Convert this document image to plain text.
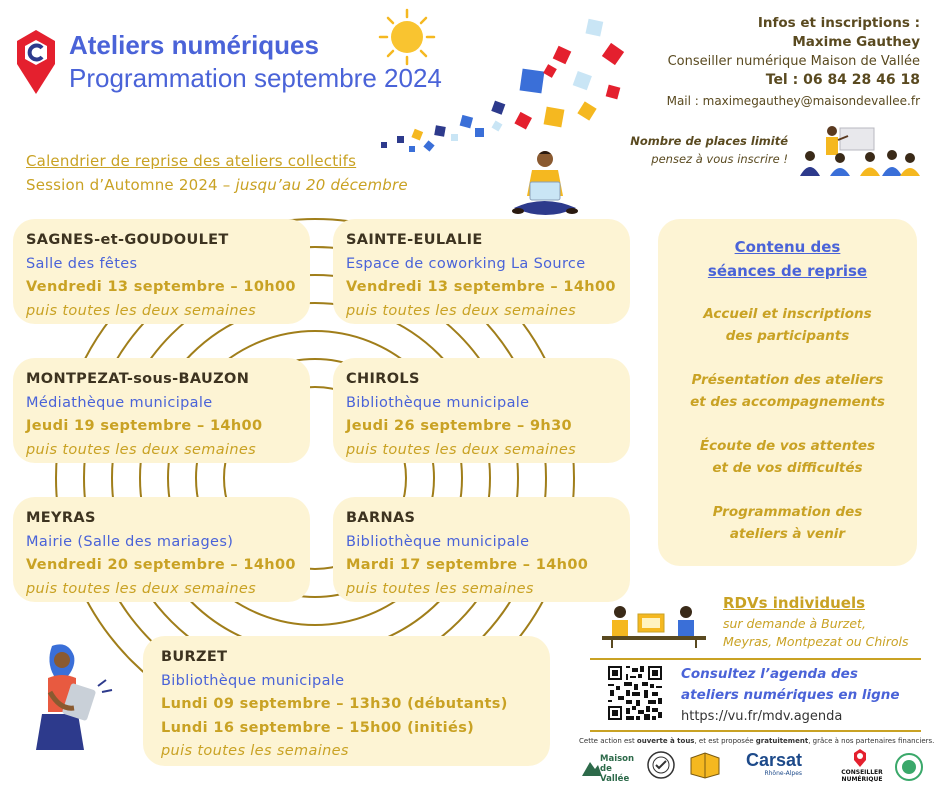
Ateliers numériques
Programmation septembre 2024
Infos et inscriptions :
Maxime Gauthey
Conseiller numérique Maison de Vallée
Tel : 06 84 28 46 18
Mail : maximegauthey@maisondevallee.fr
Nombre de places limité
pensez à vous inscrire !
Calendrier de reprise des ateliers collectifs
Session d’Automne 2024 – jusqu’au 20 décembre
SAGNES-et-GOUDOULET
Salle des fêtes
Vendredi 13 septembre – 10h00
puis toutes les deux semaines
SAINTE-EULALIE
Espace de coworking La Source
Vendredi 13 septembre – 14h00
puis toutes les deux semaines
MONTPEZAT-sous-BAUZON
Médiathèque municipale
Jeudi 19 septembre – 14h00
puis toutes les deux semaines
CHIROLS
Bibliothèque municipale
Jeudi 26 septembre – 9h30
puis toutes les deux semaines
MEYRAS
Mairie (Salle des mariages)
Vendredi 20 septembre – 14h00
puis toutes les deux semaines
BARNAS
Bibliothèque municipale
Mardi 17 septembre – 14h00
puis toutes les semaines
BURZET
Bibliothèque municipale
Lundi 09 septembre – 13h30 (débutants)
Lundi 16 septembre – 15h00 (initiés)
puis toutes les semaines
Contenu des
séances de reprise
Accueil et inscriptions
des participants
Présentation des ateliers
et des accompagnements
Écoute de vos attentes
et de vos difficultés
Programmation des
ateliers à venir
RDVs individuels
sur demande à Burzet,
Meyras, Montpezat ou Chirols
Consultez l’agenda des
ateliers numériques en ligne
https://vu.fr/mdv.agenda
Cette action est ouverte à tous, et est proposée gratuitement, grâce à nos partenaires financiers.
Maison de Vallée
Carsat
Rhône-Alpes	CONSEILLER
NUMÉRIQUE
